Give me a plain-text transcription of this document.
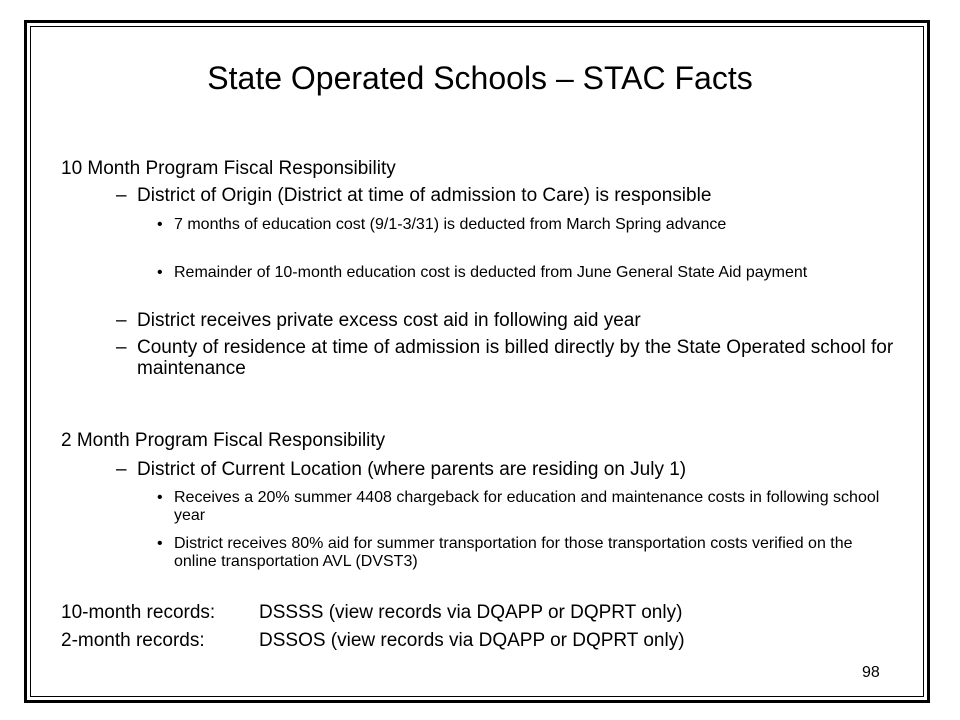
State Operated Schools – STAC Facts
10 Month Program Fiscal Responsibility
– District of Origin (District at time of admission to Care) is responsible
• 7 months of education cost (9/1-3/31) is deducted from March Spring advance
• Remainder of 10-month education cost is deducted from June General State Aid payment
– District receives private excess cost aid in following aid year
– County of residence at time of admission is billed directly by the State Operated school for maintenance
2 Month Program Fiscal Responsibility
– District of Current Location (where parents are residing on July 1)
• Receives a 20% summer 4408 chargeback for education and maintenance costs in following school year
• District receives 80% aid for summer transportation for those transportation costs verified on the online transportation AVL (DVST3)
10-month records: DSSSS (view records via DQAPP or DQPRT only)
2-month records:	DSSOS (view records via DQAPP or DQPRT only)
98
